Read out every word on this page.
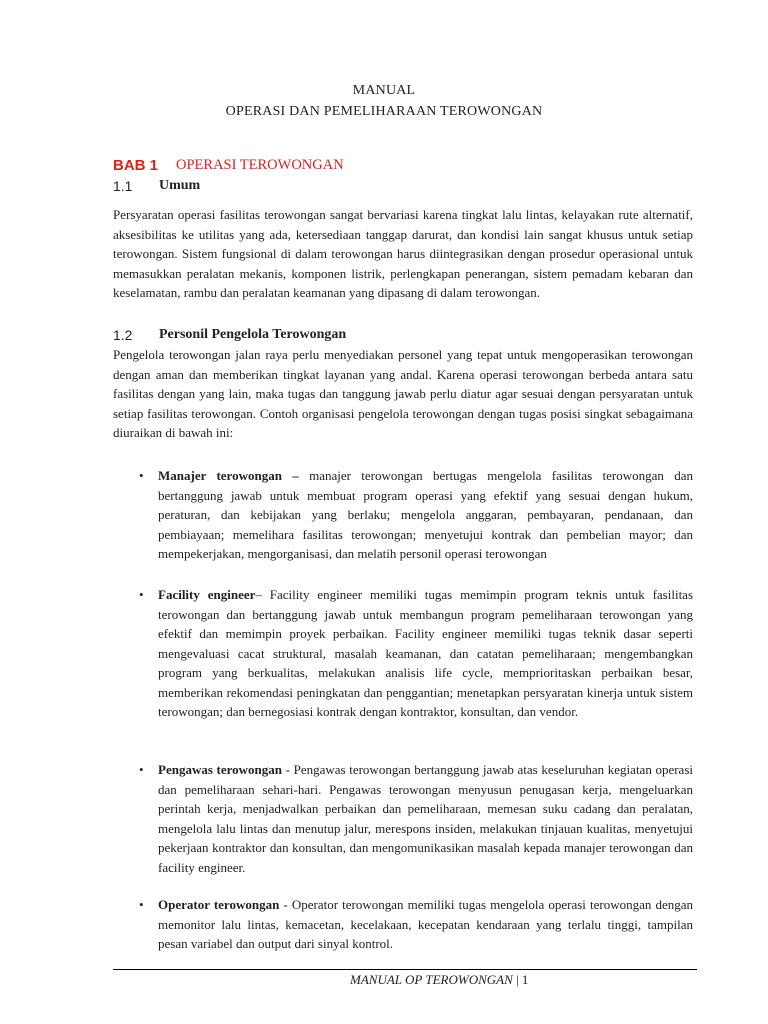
MANUAL
OPERASI DAN PEMELIHARAAN TEROWONGAN
BAB 1 OPERASI TEROWONGAN
1.1 Umum

Persyaratan operasi fasilitas terowongan sangat bervariasi karena tingkat lalu lintas, kelayakan rute alternatif, aksesibilitas ke utilitas yang ada, ketersediaan tanggap darurat, dan kondisi lain sangat khusus untuk setiap terowongan. Sistem fungsional di dalam terowongan harus diintegrasikan dengan prosedur operasional untuk memasukkan peralatan mekanis, komponen listrik, perlengkapan penerangan, sistem pemadam kebaran dan keselamatan, rambu dan peralatan keamanan yang dipasang di dalam terowongan.

1.2 Personil Pengelola Terowongan

Pengelola terowongan jalan raya perlu menyediakan personel yang tepat untuk mengoperasikan terowongan dengan aman dan memberikan tingkat layanan yang andal. Karena operasi terowongan berbeda antara satu fasilitas dengan yang lain, maka tugas dan tanggung jawab perlu diatur agar sesuai dengan persyaratan untuk setiap fasilitas terowongan. Contoh organisasi pengelola terowongan dengan tugas posisi singkat sebagaimana diuraikan di bawah ini:

• Manajer terowongan – manajer terowongan bertugas mengelola fasilitas terowongan dan bertanggung jawab untuk membuat program operasi yang efektif yang sesuai dengan hukum, peraturan, dan kebijakan yang berlaku; mengelola anggaran, pembayaran, pendanaan, dan pembiayaan; memelihara fasilitas terowongan; menyetujui kontrak dan pembelian mayor; dan mempekerjakan, mengorganisasi, dan melatih personil operasi terowongan
• Facility engineer– Facility engineer memiliki tugas memimpin program teknis untuk fasilitas terowongan dan bertanggung jawab untuk membangun program pemeliharaan terowongan yang efektif dan memimpin proyek perbaikan. Facility engineer memiliki tugas teknik dasar seperti mengevaluasi cacat struktural, masalah keamanan, dan catatan pemeliharaan; mengembangkan program yang berkualitas, melakukan analisis life cycle, memprioritaskan perbaikan besar, memberikan rekomendasi peningkatan dan penggantian; menetapkan persyaratan kinerja untuk sistem terowongan; dan bernegosiasi kontrak dengan kontraktor, konsultan, dan vendor.
• Pengawas terowongan - Pengawas terowongan bertanggung jawab atas keseluruhan kegiatan operasi dan pemeliharaan sehari-hari. Pengawas terowongan menyusun penugasan kerja, mengeluarkan perintah kerja, menjadwalkan perbaikan dan pemeliharaan, memesan suku cadang dan peralatan, mengelola lalu lintas dan menutup jalur, merespons insiden, melakukan tinjauan kualitas, menyetujui pekerjaan kontraktor dan konsultan, dan mengomunikasikan masalah kepada manajer terowongan dan facility engineer.
• Operator terowongan - Operator terowongan memiliki tugas mengelola operasi terowongan dengan memonitor lalu lintas, kemacetan, kecelakaan, kecepatan kendaraan yang terlalu tinggi, tampilan pesan variabel dan output dari sinyal kontrol.
MANUAL OP TEROWONGAN | 1
